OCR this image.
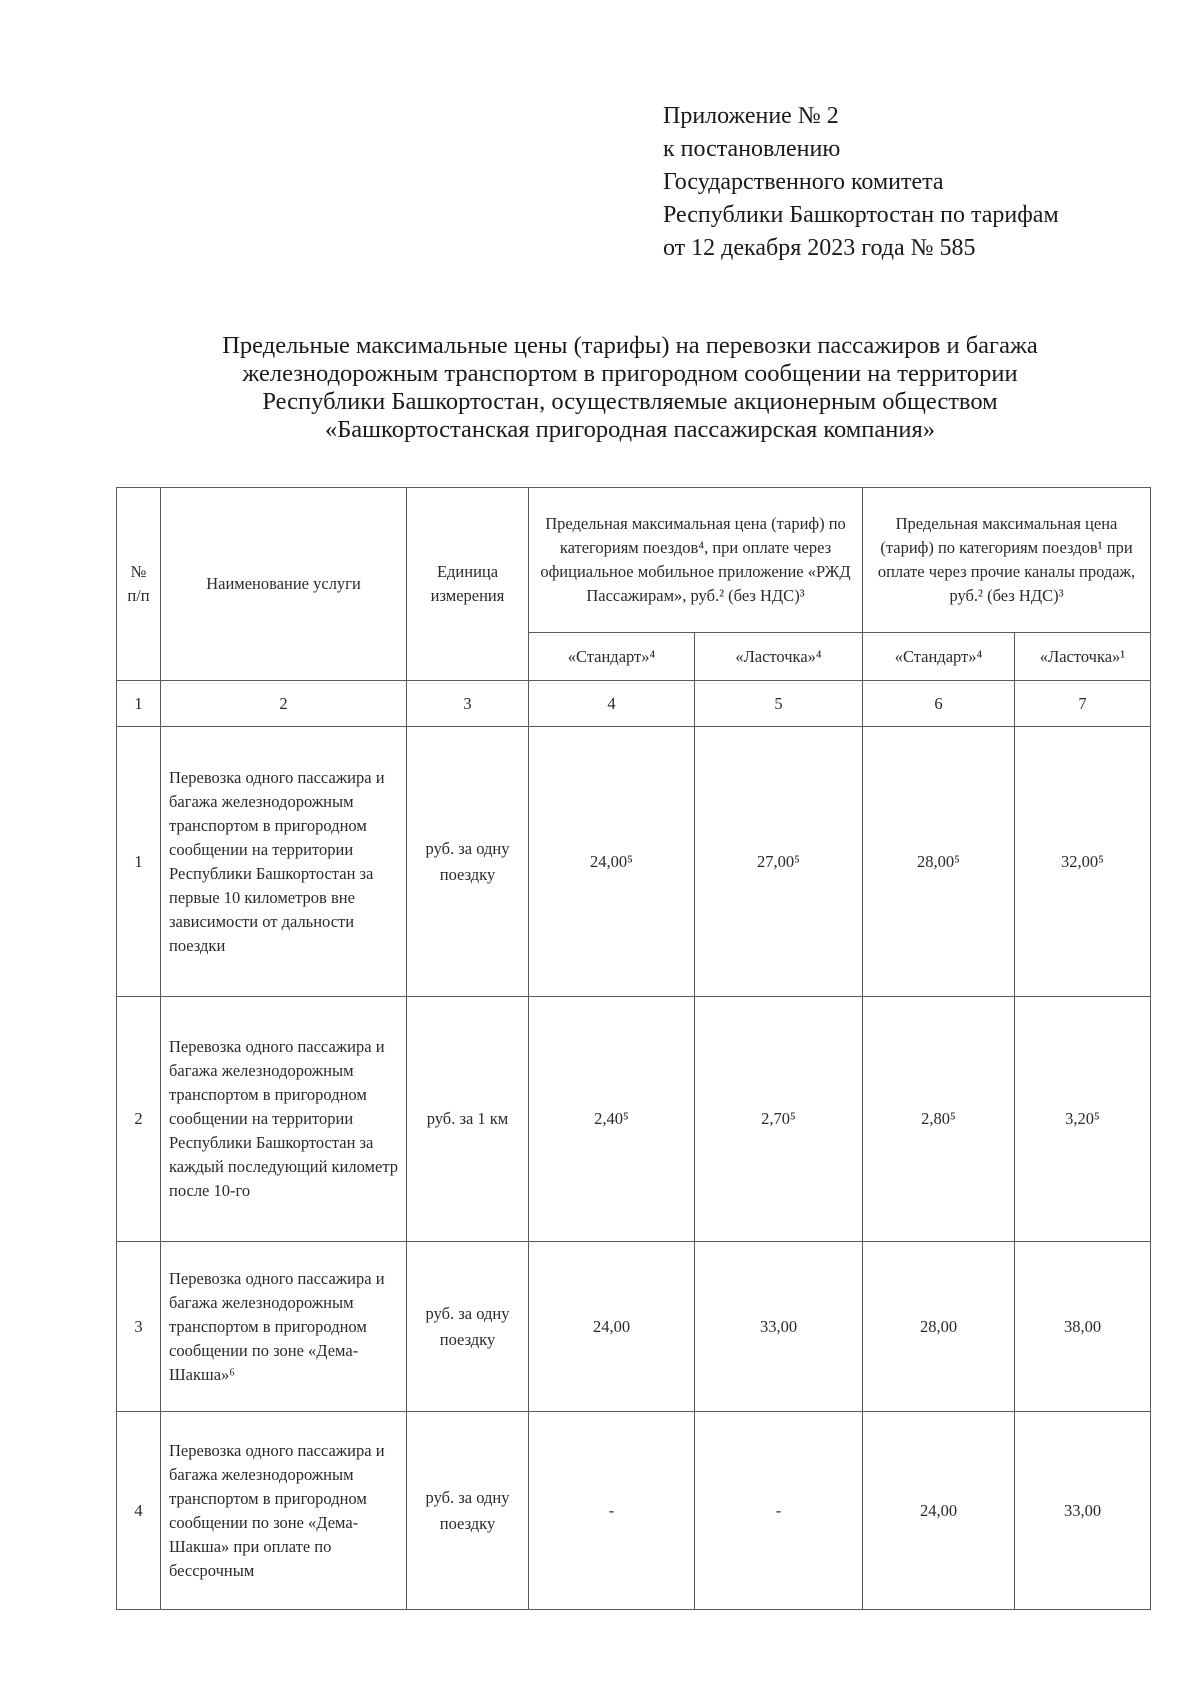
Приложение № 2
к постановлению
Государственного комитета
Республики Башкортостан по тарифам
от 12 декабря 2023 года № 585
Предельные максимальные цены (тарифы) на перевозки пассажиров и багажа
железнодорожным транспортом в пригородном сообщении на территории
Республики Башкортостан, осуществляемые акционерным обществом
«Башкортостанская пригородная пассажирская компания»
№ п/п	Наименование услуги	Единица измерения	Предельная максимальная цена (тариф) по категориям поездов⁴, при оплате через официальное мобильное приложение «РЖД Пассажирам», руб.² (без НДС)³		Предельная максимальная цена (тариф) по категориям поездов¹ при оплате через прочие каналы продаж, руб.² (без НДС)³	
			«Стандарт»⁴	«Ласточка»⁴	«Стандарт»⁴	«Ласточка»¹
1	2	3	4	5	6	7
1	Перевозка одного пассажира и багажа железнодорожным транспортом в пригородном сообщении на территории Республики Башкортостан за первые 10 километров вне зависимости от дальности поездки	руб. за одну поездку	24,00⁵	27,00⁵	28,00⁵	32,00⁵
2	Перевозка одного пассажира и багажа железнодорожным транспортом в пригородном сообщении на территории Республики Башкортостан за каждый последующий километр после 10-го	руб. за 1 км	2,40⁵	2,70⁵	2,80⁵	3,20⁵
3	Перевозка одного пассажира и багажа железнодорожным транспортом в пригородном сообщении по зоне «Дема-Шакша»⁶	руб. за одну поездку	24,00	33,00	28,00	38,00
4	Перевозка одного пассажира и багажа железнодорожным транспортом в пригородном сообщении по зоне «Дема-Шакша» при оплате по бессрочным	руб. за одну поездку	-	-	24,00	33,00
